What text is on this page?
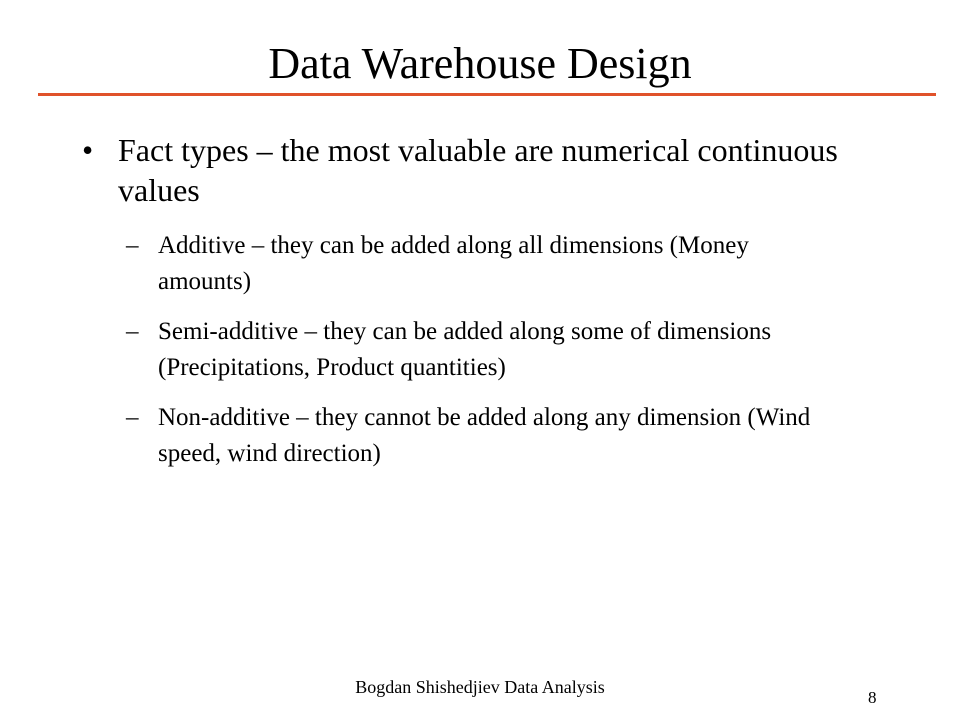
Data Warehouse Design
• Fact types – the most valuable are numerical continuous values
– Additive – they can be added along all dimensions (Money amounts)
– Semi-additive – they can be added along some of dimensions (Precipitations, Product quantities)
– Non-additive – they cannot be added along any dimension (Wind speed, wind direction)
Bogdan Shishedjiev Data Analysis
8
